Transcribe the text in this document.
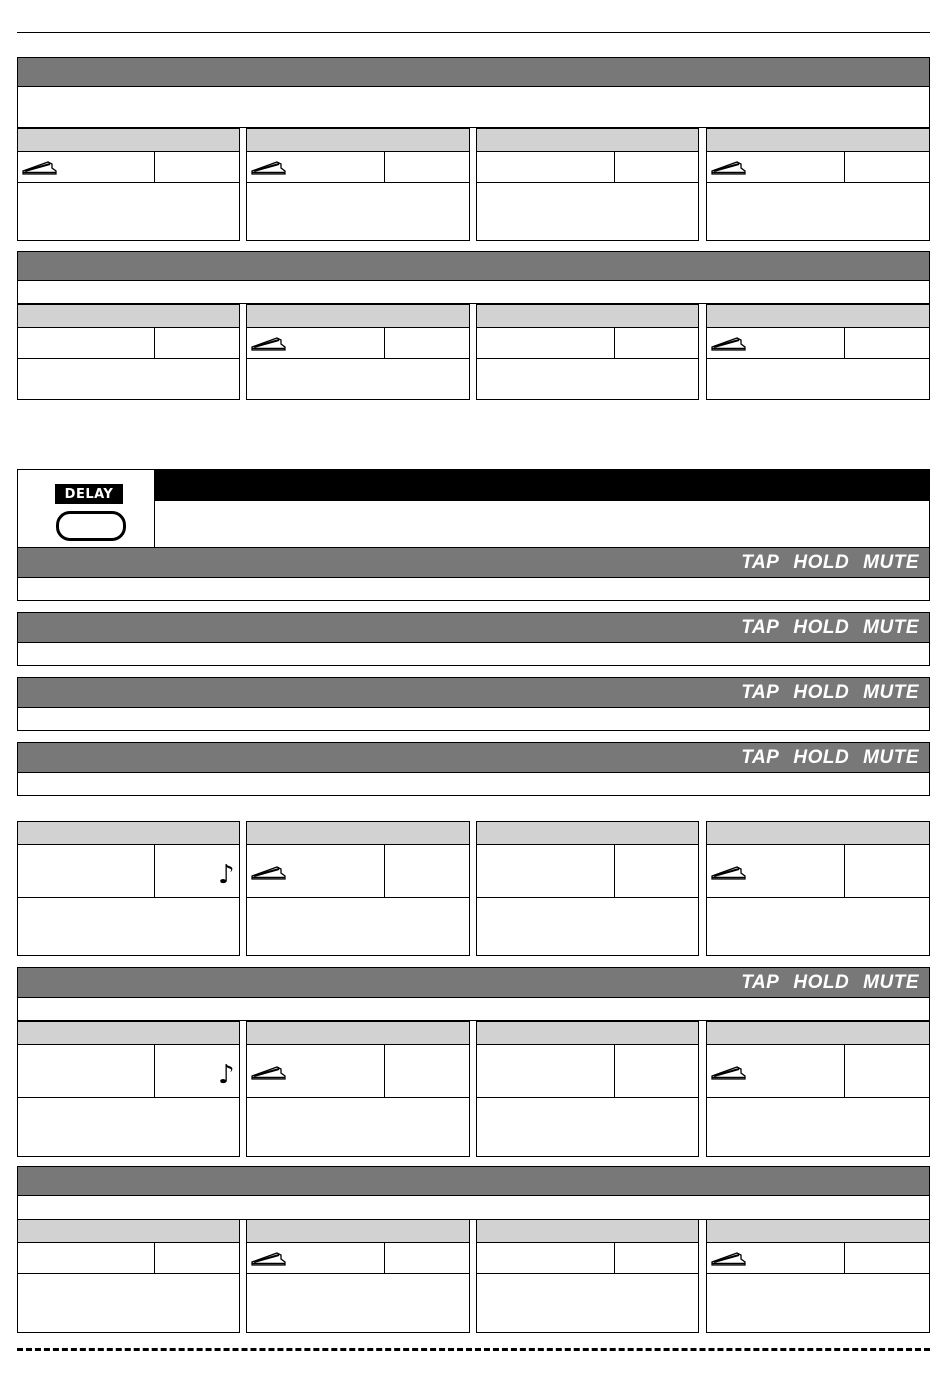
DELAY
TAP HOLD MUTE
TAP HOLD MUTE
TAP HOLD MUTE
TAP HOLD MUTE
♪
TAP HOLD MUTE
♪
